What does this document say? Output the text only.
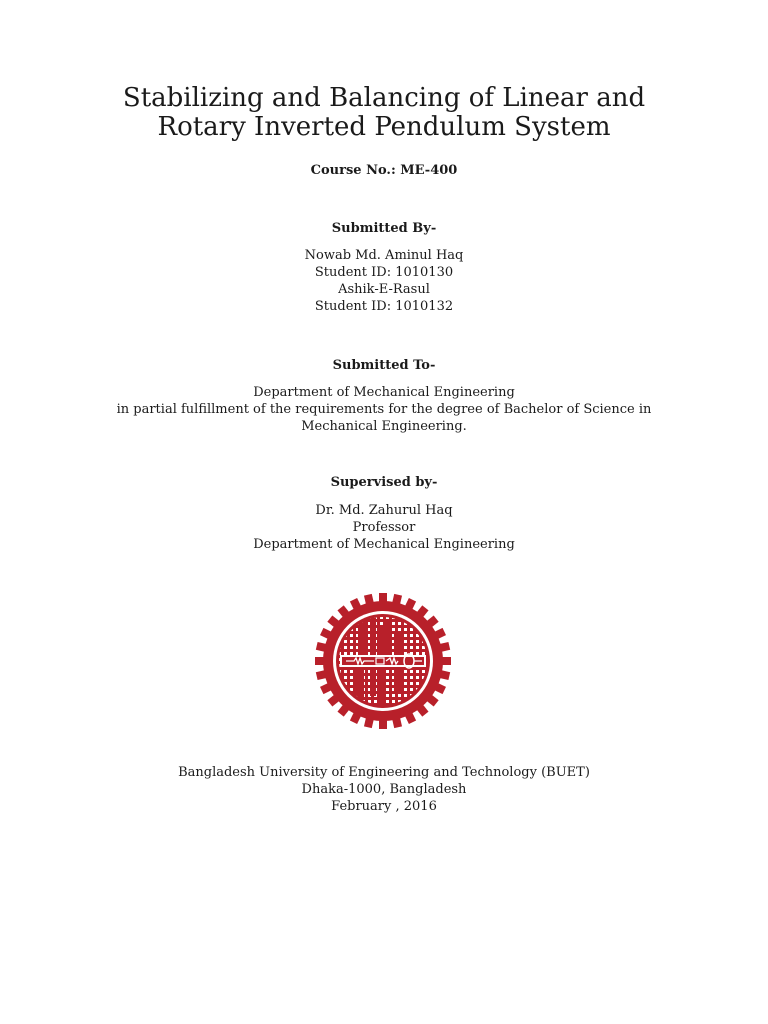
Stabilizing and Balancing of Linear and
Rotary Inverted Pendulum System
Course No.: ME-400
Submitted By-
Nowab Md. Aminul Haq
Student ID: 1010130
Ashik-E-Rasul
Student ID: 1010132
Submitted To-
Department of Mechanical Engineering
in partial fulfillment of the requirements for the degree of Bachelor of Science in
Mechanical Engineering.
Supervised by-
Dr. Md. Zahurul Haq
Professor
Department of Mechanical Engineering
Bangladesh University of Engineering and Technology (BUET)
Dhaka-1000, Bangladesh
February , 2016
